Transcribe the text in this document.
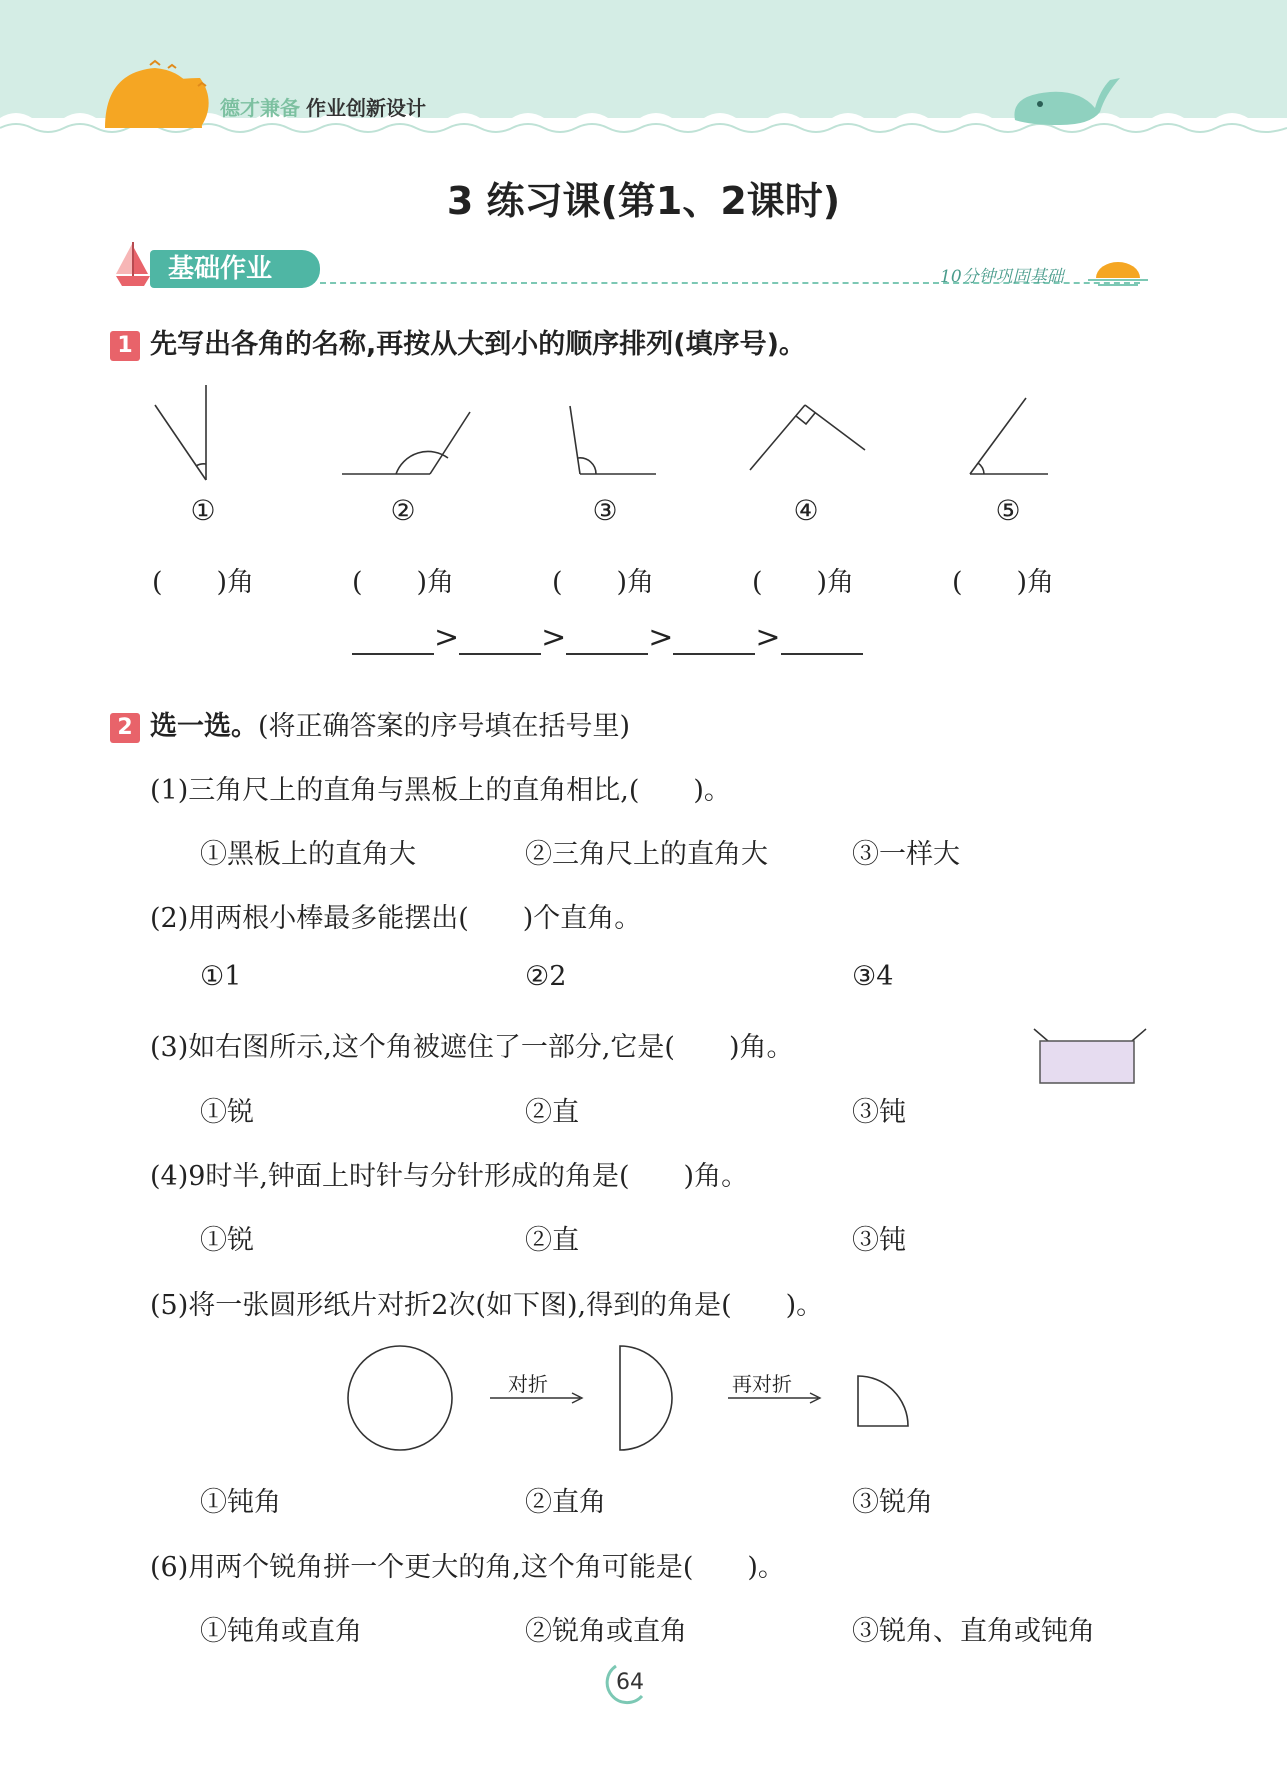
德才兼备 作业创新设计
3 练习课(第1、2课时)
基础作业	10分钟巩固基础
1 先写出各角的名称,再按从大到小的顺序排列(填序号)。
①	②	③	④	⑤
(　　)角	(　　)角	(　　)角	(　　)角	(　　)角
>	>	>	>
2 选一选。(将正确答案的序号填在括号里)
(1)三角尺上的直角与黑板上的直角相比,(　　)。
①黑板上的直角大	②三角尺上的直角大	③一样大
(2)用两根小棒最多能摆出(　　)个直角。
①1	②2	③4
(3)如右图所示,这个角被遮住了一部分,它是(　　)角。
①锐	②直	③钝
(4)9时半,钟面上时针与分针形成的角是(　　)角。
①锐	②直	③钝
(5)将一张圆形纸片对折2次(如下图),得到的角是(　　)。
对折	再对折
①钝角	②直角	③锐角
(6)用两个锐角拼一个更大的角,这个角可能是(　　)。
①钝角或直角	②锐角或直角	③锐角、直角或钝角
64
